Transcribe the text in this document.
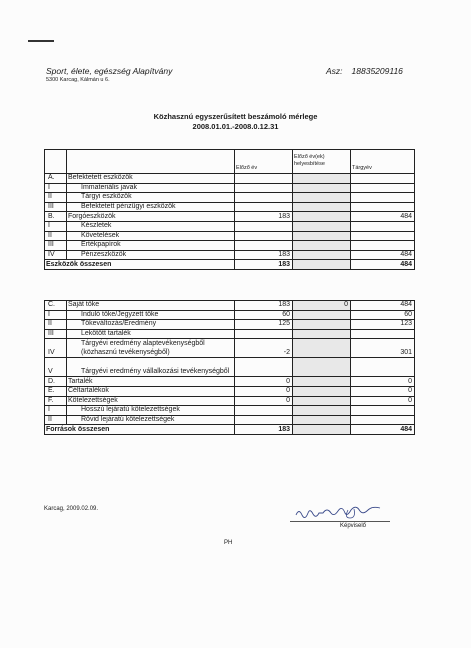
Sport, élete, egészség Alapítvány
5300 Karcag, Kálmán u 6.
Asz: 18835209116
Közhasznú egyszerűsített beszámoló mérlege
2008.01.01.-2008.0.12.31
		Előző év	Előző év(ek) helyesbítése	Tárgyév
A.	Befektetett eszközök			
I	Immateriális javak			
II	Tárgyi eszközök			
III	Befektetett pénzügyi eszközök			
B.	Forgóeszközök	183		484
I	Készletek			
II	Követelések			
III	Értékpapírok			
IV	Pénzeszközök	183		484
Eszközök összesen		183		484
C.	Saját tőke	183	0	484
I	Induló tőke/Jegyzett tőke	60		60
II	Tőkeváltozás/Eredmény	125		123
III	Lekötött tartalék			
IV	Tárgyévi eredmény alaptevékenységből (közhasznú tevékenységből)	-2		301
V	Tárgyévi eredmény vállalkozási tevékenységből			
D.	Tartalék	0		0
E.	Céltartalékok	0		0
F.	Kötelezettségek	0		0
I	Hosszú lejáratú kötelezettségek			
II	Rövid lejáratú kötelezettségek			
Források összesen		183		484
Karcag, 2009.02.09.
Képviselő
PH
